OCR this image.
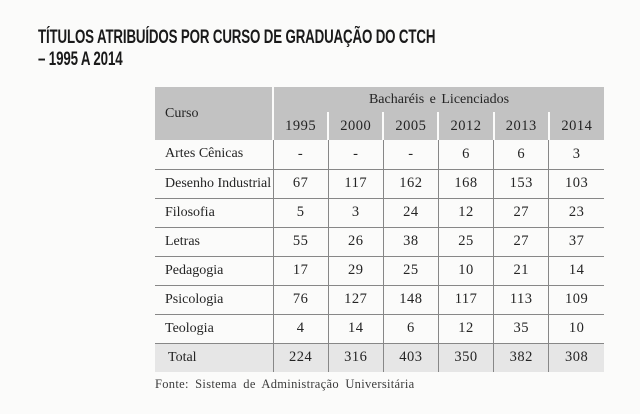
TÍTULOS ATRIBUÍDOS POR CURSO DE GRADUAÇÃO DO CTCH
– 1995 A 2014
Curso	Bacharéis e Licenciados					
	1995	2000	2005	2012	2013	2014
Artes Cênicas	-	-	-	6	6	3
Desenho Industrial	67	117	162	168	153	103
Filosofia	5	3	24	12	27	23
Letras	55	26	38	25	27	37
Pedagogia	17	29	25	10	21	14
Psicologia	76	127	148	117	113	109
Teologia	4	14	6	12	35	10
Total	224	316	403	350	382	308
Fonte: Sistema de Administração Universitária
